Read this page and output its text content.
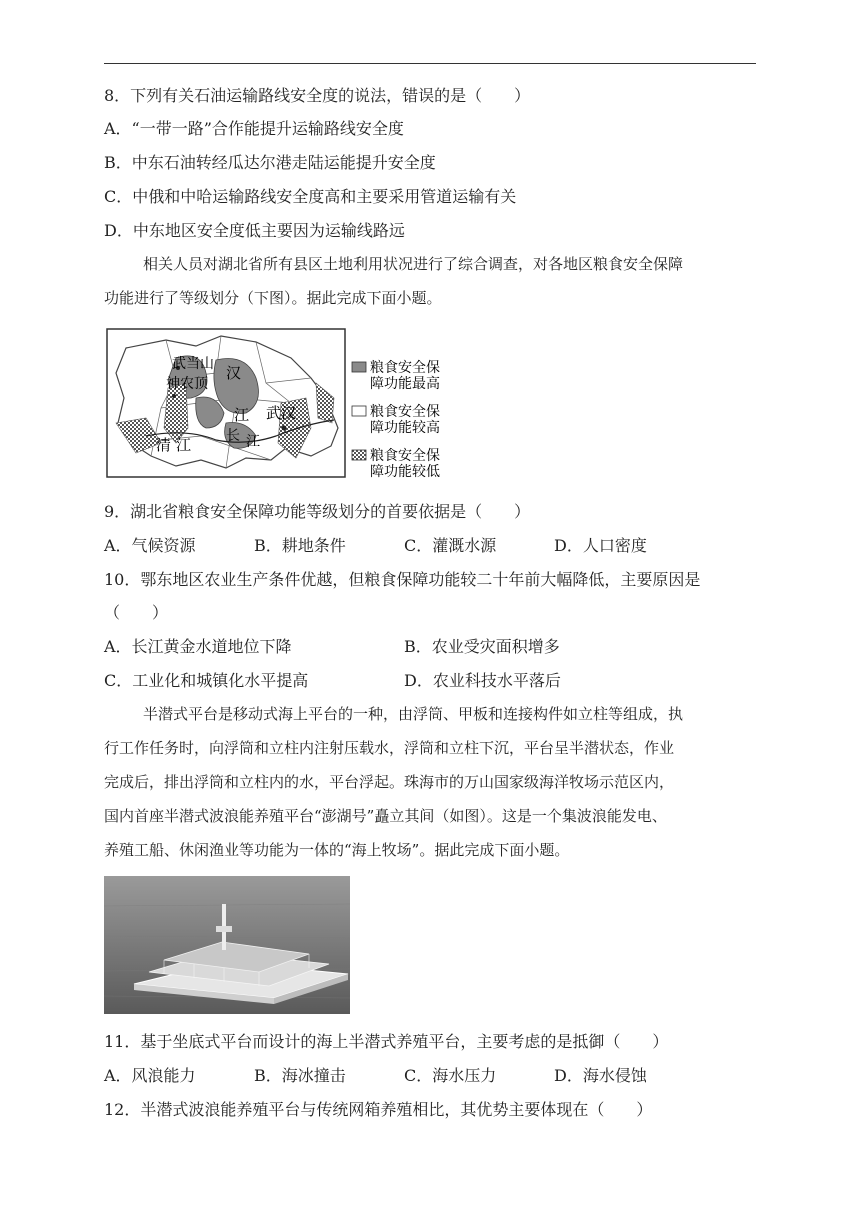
8．下列有关石油运输路线安全度的说法，错误的是（　　）
A．“一带一路”合作能提升运输路线安全度
B．中东石油转经瓜达尔港走陆运能提升安全度
C．中俄和中哈运输路线安全度高和主要采用管道运输有关
D．中东地区安全度低主要因为运输线路远
相关人员对湖北省所有县区土地利用状况进行了综合调查，对各地区粮食安全保障
功能进行了等级划分（下图）。据此完成下面小题。
武当山
神农顶
汉
江 武汉
清 江 长 江
粮食安全保
障功能最高
粮食安全保
障功能较高
粮食安全保
障功能较低
9．湖北省粮食安全保障功能等级划分的首要依据是（　　）
A．气候资源	B．耕地条件	C．灌溉水源	D．人口密度
10．鄂东地区农业生产条件优越，但粮食保障功能较二十年前大幅降低，主要原因是
（　　）
A．长江黄金水道地位下降	B．农业受灾面积增多
C．工业化和城镇化水平提高	D．农业科技水平落后
半潜式平台是移动式海上平台的一种，由浮筒、甲板和连接构件如立柱等组成，执
行工作任务时，向浮筒和立柱内注射压载水，浮筒和立柱下沉，平台呈半潜状态，作业
完成后，排出浮筒和立柱内的水，平台浮起。珠海市的万山国家级海洋牧场示范区内，
国内首座半潜式波浪能养殖平台“澎湖号”矗立其间（如图）。这是一个集波浪能发电、
养殖工船、休闲渔业等功能为一体的“海上牧场”。据此完成下面小题。
11．基于坐底式平台而设计的海上半潜式养殖平台，主要考虑的是抵御（　　）
A．风浪能力	B．海冰撞击	C．海水压力	D．海水侵蚀
12．半潜式波浪能养殖平台与传统网箱养殖相比，其优势主要体现在（　　）
